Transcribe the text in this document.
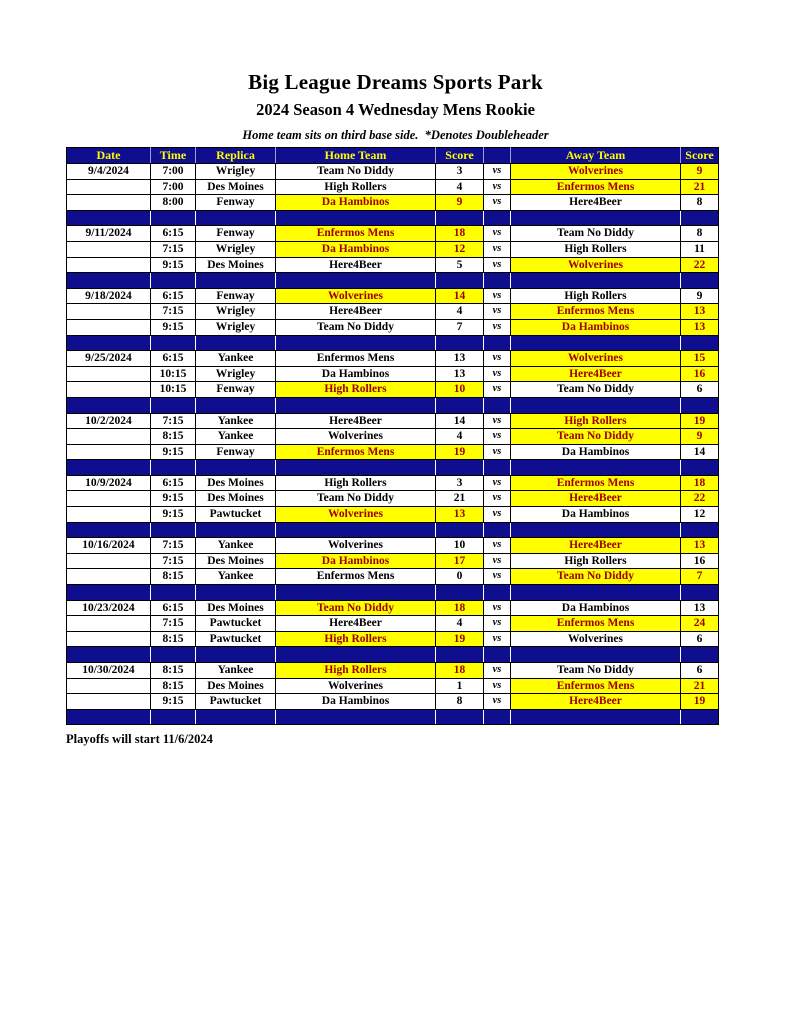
Big League Dreams Sports Park
2024 Season 4 Wednesday Mens Rookie

Home team sits on third base side.  *Denotes Doubleheader

Date	Time	Replica	Home Team	Score		Away Team	Score
9/4/2024	7:00	Wrigley	Team No Diddy	3	vs	Wolverines	9
	7:00	Des Moines	High Rollers	4	vs	Enfermos Mens	21
	8:00	Fenway	Da Hambinos	9	vs	Here4Beer	8

9/11/2024	6:15	Fenway	Enfermos Mens	18	vs	Team No Diddy	8
	7:15	Wrigley	Da Hambinos	12	vs	High Rollers	11
	9:15	Des Moines	Here4Beer	5	vs	Wolverines	22

9/18/2024	6:15	Fenway	Wolverines	14	vs	High Rollers	9
	7:15	Wrigley	Here4Beer	4	vs	Enfermos Mens	13
	9:15	Wrigley	Team No Diddy	7	vs	Da Hambinos	13

9/25/2024	6:15	Yankee	Enfermos Mens	13	vs	Wolverines	15
	10:15	Wrigley	Da Hambinos	13	vs	Here4Beer	16
	10:15	Fenway	High Rollers	10	vs	Team No Diddy	6

10/2/2024	7:15	Yankee	Here4Beer	14	vs	High Rollers	19
	8:15	Yankee	Wolverines	4	vs	Team No Diddy	9
	9:15	Fenway	Enfermos Mens	19	vs	Da Hambinos	14

10/9/2024	6:15	Des Moines	High Rollers	3	vs	Enfermos Mens	18
	9:15	Des Moines	Team No Diddy	21	vs	Here4Beer	22
	9:15	Pawtucket	Wolverines	13	vs	Da Hambinos	12

10/16/2024	7:15	Yankee	Wolverines	10	vs	Here4Beer	13
	7:15	Des Moines	Da Hambinos	17	vs	High Rollers	16
	8:15	Yankee	Enfermos Mens	0	vs	Team No Diddy	7

10/23/2024	6:15	Des Moines	Team No Diddy	18	vs	Da Hambinos	13
	7:15	Pawtucket	Here4Beer	4	vs	Enfermos Mens	24
	8:15	Pawtucket	High Rollers	19	vs	Wolverines	6

10/30/2024	8:15	Yankee	High Rollers	18	vs	Team No Diddy	6
	8:15	Des Moines	Wolverines	1	vs	Enfermos Mens	21
	9:15	Pawtucket	Da Hambinos	8	vs	Here4Beer	19

Playoffs will start 11/6/2024
